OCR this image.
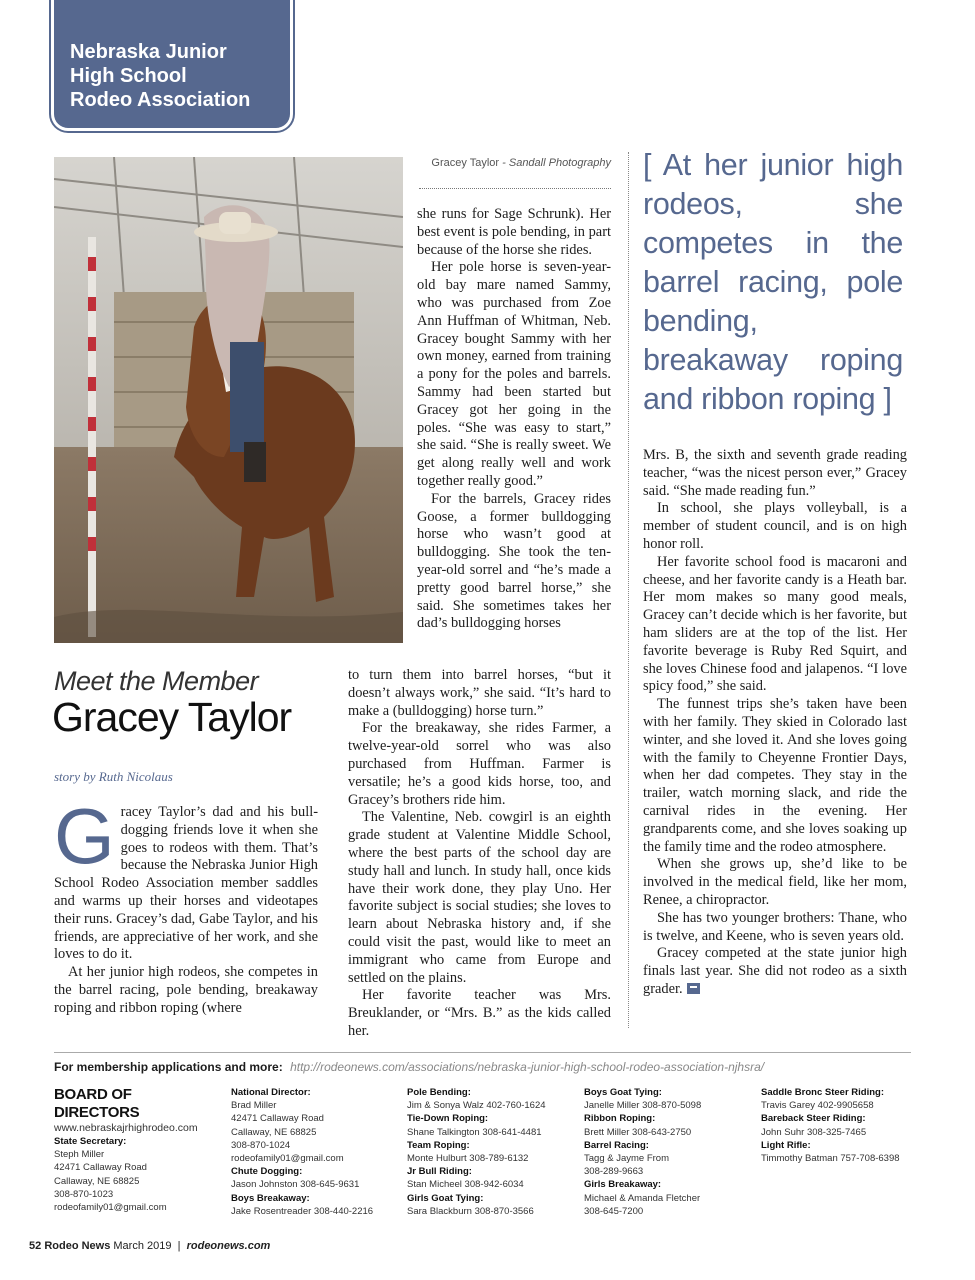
Nebraska Junior
High School
Rodeo Association
Gracey Taylor - Sandall Photography
Meet the Member
Gracey Taylor
story by Ruth Nicolaus

Gracey Taylor’s dad and his bull-dogging friends love it when she goes to rodeos with them. That’s because the Nebraska Junior High School Rodeo Association member saddles and warms up their horses and videotapes their runs. Gracey’s dad, Gabe Taylor, and his friends, are appreciative of her work, and she loves to do it.

At her junior high rodeos, she competes in the barrel racing, pole bending, breakaway roping and ribbon roping (where

she runs for Sage Schrunk). Her best event is pole bending, in part because of the horse she rides.

Her pole horse is seven-year-old bay mare named Sammy, who was purchased from Zoe Ann Huffman of Whitman, Neb. Gracey bought Sammy with her own money, earned from training a pony for the poles and barrels. Sammy had been started but Gracey got her going in the poles. “She was easy to start,” she said. “She is really sweet. We get along really well and work together really good.”

For the barrels, Gracey rides Goose, a former bulldogging horse who wasn’t good at bulldogging. She took the ten-year-old sorrel and “he’s made a pretty good barrel horse,” she said. She sometimes takes her dad’s bulldogging horses

to turn them into barrel horses, “but it doesn’t always work,” she said. “It’s hard to make a (bulldogging) horse turn.”

For the breakaway, she rides Farmer, a twelve-year-old sorrel who was also purchased from Huffman. Farmer is versatile; he’s a good kids horse, too, and Gracey’s brothers ride him.

The Valentine, Neb. cowgirl is an eighth grade student at Valentine Middle School, where the best parts of the school day are study hall and lunch. In study hall, once kids have their work done, they play Uno. Her favorite subject is social studies; she loves to learn about Nebraska history and, if she could visit the past, would like to meet an immigrant who came from Europe and settled on the plains.

Her favorite teacher was Mrs. Breuklander, or “Mrs. B.” as the kids called her.

[ At her junior high rodeos, she competes in the barrel racing, pole bending, breakaway roping and ribbon roping ]

Mrs. B, the sixth and seventh grade reading teacher, “was the nicest person ever,” Gracey said. “She made reading fun.”

In school, she plays volleyball, is a member of student council, and is on high honor roll.

Her favorite school food is macaroni and cheese, and her favorite candy is a Heath bar. Her mom makes so many good meals, Gracey can’t decide which is her favorite, but ham sliders are at the top of the list. Her favorite beverage is Ruby Red Squirt, and she loves Chinese food and jalapenos. “I love spicy food,” she said.

The funnest trips she’s taken have been with her family. They skied in Colorado last winter, and she loved it. And she loves going with the family to Cheyenne Frontier Days, when her dad competes. They stay in the trailer, watch morning slack, and ride the carnival rides in the evening. Her grandparents come, and she loves soaking up the family time and the rodeo atmosphere.

When she grows up, she’d like to be involved in the medical field, like her mom, Renee, a chiropractor.

She has two younger brothers: Thane, who is twelve, and Keene, who is seven years old.

Gracey competed at the state junior high finals last year. She did not rodeo as a sixth grader.

For membership applications and more: http://rodeonews.com/associations/nebraska-junior-high-school-rodeo-association-njhsra/
BOARD OF DIRECTORS
www.nebraskajrhighrodeo.com
State Secretary:
Steph Miller
42471 Callaway Road
Callaway, NE 68825
308-870-1023
rodeofamily01@gmail.com
National Director:
Brad Miller
42471 Callaway Road
Callaway, NE 68825
308-870-1024
rodeofamily01@gmail.com
Chute Dogging:
Jason Johnston 308-645-9631
Boys Breakaway:
Jake Rosentreader 308-440-2216
Pole Bending:
Jim & Sonya Walz 402-760-1624
Tie-Down Roping:
Shane Talkington 308-641-4481
Team Roping:
Monte Hulburt 308-789-6132
Jr Bull Riding:
Stan Micheel 308-942-6034
Girls Goat Tying:
Sara Blackburn 308-870-3566
Boys Goat Tying:
Janelle Miller 308-870-5098
Ribbon Roping:
Brett Miller 308-643-2750
Barrel Racing:
Tagg & Jayme From
308-289-9663
Girls Breakaway:
Michael & Amanda Fletcher
308-645-7200
Saddle Bronc Steer Riding:
Travis Garey 402-9905658
Bareback Steer Riding:
John Suhr 308-325-7465
Light Rifle:
Timmothy Batman 757-708-6398
52 Rodeo News March 2019  |  rodeonews.com
